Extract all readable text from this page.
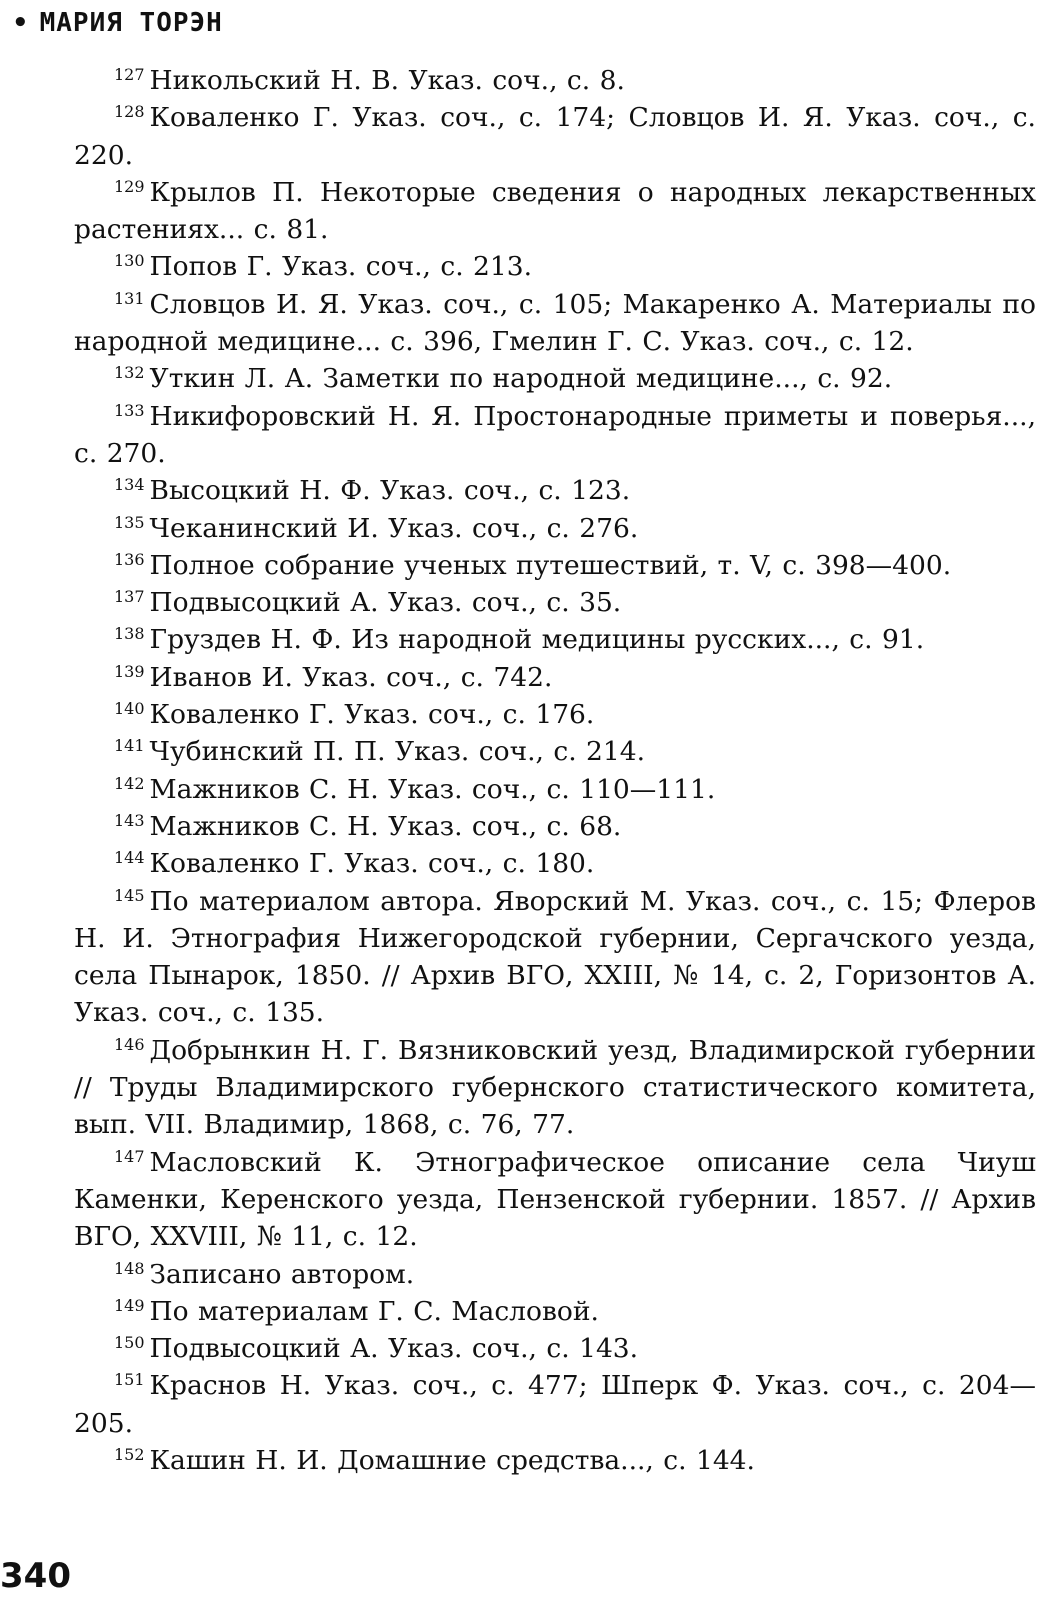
• МАРИЯ ТОРЭН

$^{127}$ Никольский Н. В. Указ. соч., с. 8.

$^{128}$ Коваленко Г. Указ. соч., с. 174; Словцов И. Я. Указ. соч., с. 220.

$^{129}$ Крылов П. Некоторые сведения о народных лекарственных растениях... с. 81.

$^{130}$ Попов Г. Указ. соч., с. 213.

$^{131}$ Словцов И. Я. Указ. соч., с. 105; Макаренко А. Материалы по народной медицине... с. 396, Гмелин Г. С. Указ. соч., с. 12.

$^{132}$ Уткин Л. А. Заметки по народной медицине..., с. 92.

$^{133}$ Никифоровский Н. Я. Простонародные приметы и поверья..., с. 270.

$^{134}$ Высоцкий Н. Ф. Указ. соч., с. 123.

$^{135}$ Чеканинский И. Указ. соч., с. 276.

$^{136}$ Полное собрание ученых путешествий, т. V, с. 398—400.

$^{137}$ Подвысоцкий А. Указ. соч., с. 35.

$^{138}$ Груздев Н. Ф. Из народной медицины русских..., с. 91.

$^{139}$ Иванов И. Указ. соч., с. 742.

$^{140}$ Коваленко Г. Указ. соч., с. 176.

$^{141}$ Чубинский П. П. Указ. соч., с. 214.

$^{142}$ Мажников С. Н. Указ. соч., с. 110—111.

$^{143}$ Мажников С. Н. Указ. соч., с. 68.

$^{144}$ Коваленко Г. Указ. соч., с. 180.

$^{145}$ По материалом автора. Яворский М. Указ. соч., с. 15; Флеров Н. И. Этнография Нижегородской губернии, Сергачского уезда, села Пынарок, 1850. // Архив ВГО, XXIII, № 14, с. 2, Горизонтов А. Указ. соч., с. 135.

$^{146}$ Добрынкин Н. Г. Вязниковский уезд, Владимирской губернии // Труды Владимирского губернского статистического комитета, вып. VII. Владимир, 1868, с. 76, 77.

$^{147}$ Масловский К. Этнографическое описание села Чиуш Каменки, Керенского уезда, Пензенской губернии. 1857. // Архив ВГО, XXVIII, № 11, с. 12.

$^{148}$ Записано автором.

$^{149}$ По материалам Г. С. Масловой.

$^{150}$ Подвысоцкий А. Указ. соч., с. 143.

$^{151}$ Краснов Н. Указ. соч., с. 477; Шперк Ф. Указ. соч., с. 204—205.

$^{152}$ Кашин Н. И. Домашние средства..., с. 144.

340
